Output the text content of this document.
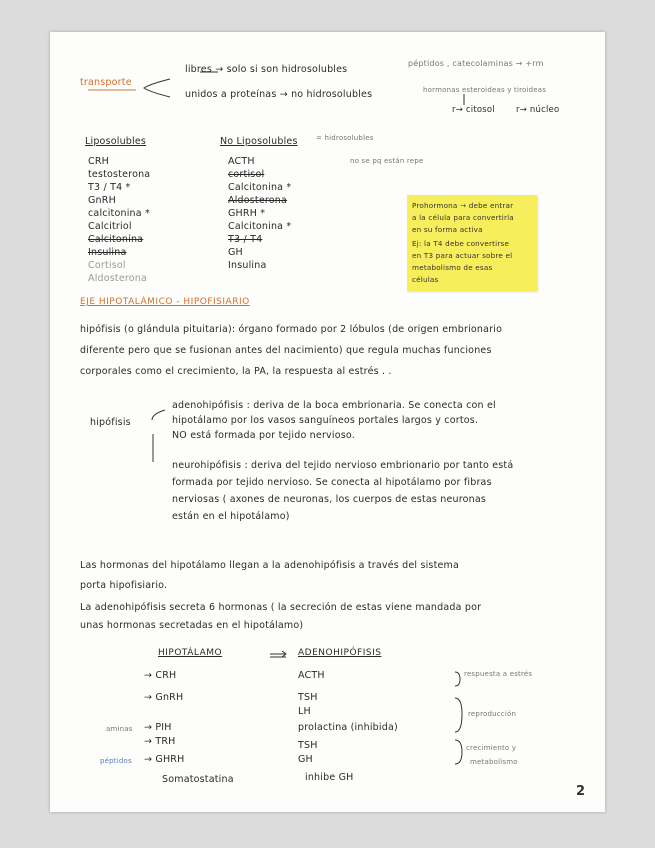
transporte
libres → solo si son hidrosolubles
péptidos , catecolaminas → +rm
unidos a proteínas → no hidrosolubles	hormonas esteroideas y tiroideas
r→ citosol r→ núcleo
Liposolubles	No Liposolubles	= hidrosolubles
no se pq están repe
CRH
testosterona
T3 / T4 *
GnRH
calcitonina *
Calcitriol
Calcitonina
Insulina
Cortisol
Aldosterona
ACTH
cortisol
Calcitonina *
Aldosterona
GHRH *
Calcitonina *
T3 / T4
GH
Insulina
Prohormona → debe entrar
a la célula para convertirla
en su forma activa
Ej: la T4 debe convertirse
en T3 para actuar sobre el
metabolismo de esas
células
EJE HIPOTALÁMICO - HIPOFISIARIO
hipófisis (o glándula pituitaria): órgano formado por 2 lóbulos (de origen embrionario
diferente pero que se fusionan antes del nacimiento) que regula muchas funciones
corporales como el crecimiento, la PA, la respuesta al estrés . .
hipófisis
adenohipófisis : deriva de la boca embrionaria. Se conecta con el
hipotálamo por los vasos sanguíneos portales largos y cortos.
NO está formada por tejido nervioso.
neurohipófisis : deriva del tejido nervioso embrionario por tanto está
formada por tejido nervioso. Se conecta al hipotálamo por fibras
nerviosas ( axones de neuronas, los cuerpos de estas neuronas
están en el hipotálamo)
Las hormonas del hipotálamo llegan a la adenohipófisis a través del sistema
porta hipofisiario.
La adenohipófisis secreta 6 hormonas ( la secreción de estas viene mandada por
unas hormonas secretadas en el hipotálamo)
HIPOTÁLAMO	ADENOHIPÓFISIS
→ CRH	ACTH
→ GnRH	TSH
LH
→ PIH	prolactina (inhibida)
→ TRH	TSH
→ GHRH	GH
Somatostatina	inhibe GH
aminas
péptidos
respuesta a estrés
reproducción
crecimiento y
metabolismo
2
